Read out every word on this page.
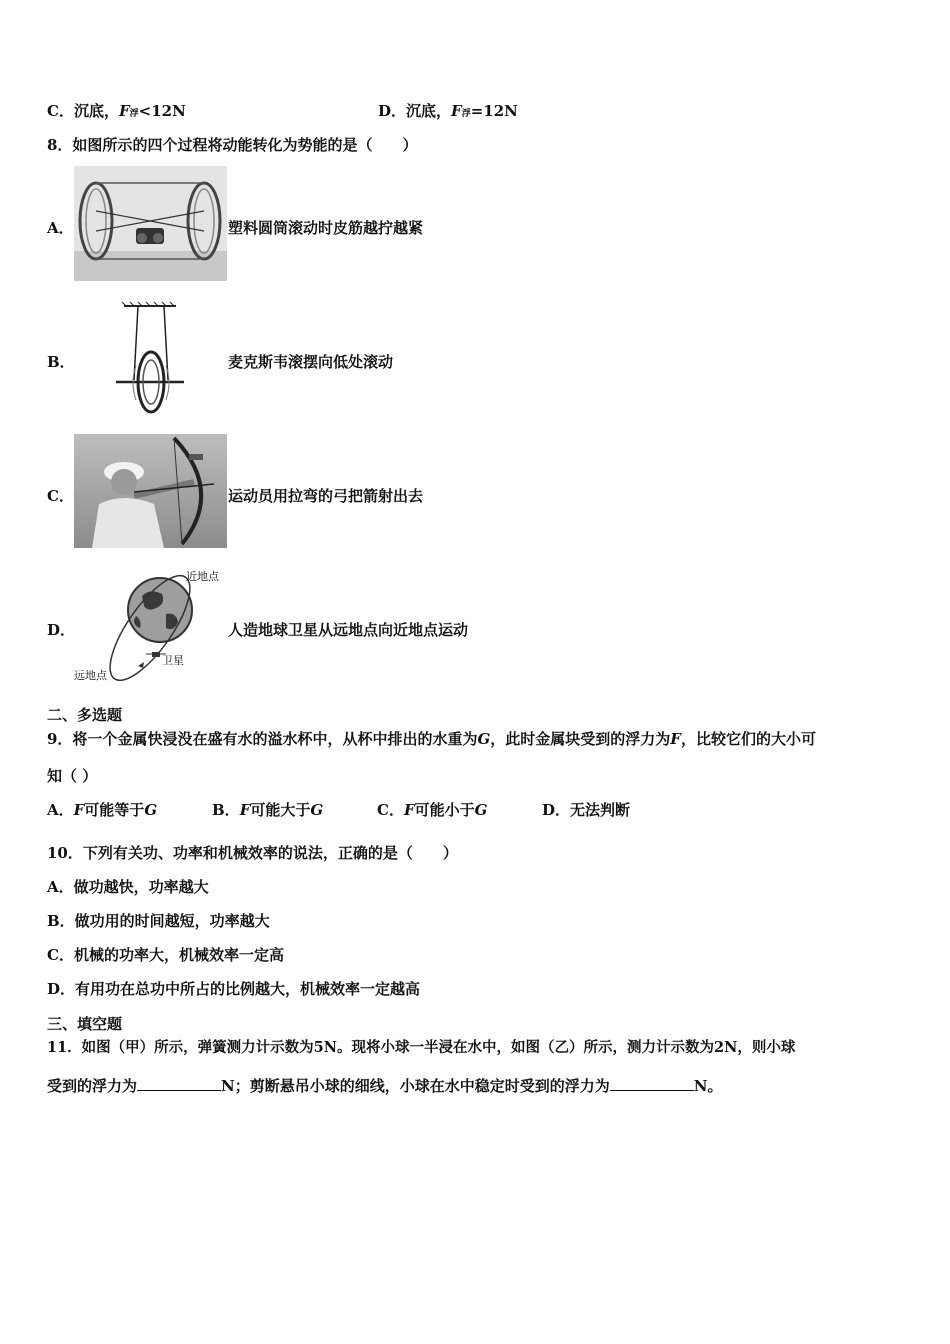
C．沉底，F浮<12N	D．沉底，F浮=12N
8．如图所示的四个过程将动能转化为势能的是（　　）
A．	塑料圆筒滚动时皮筋越拧越紧
B．	麦克斯韦滚摆向低处滚动
C．	运动员用拉弯的弓把箭射出去
D．
近地点
远地点
卫星
人造地球卫星从远地点向近地点运动
二、多选题
9．将一个金属快浸没在盛有水的溢水杯中，从杯中排出的水重为G，此时金属块受到的浮力为F，比较它们的大小可
知（ ）
A．F可能等于G	B．F可能大于G	C．F可能小于G	D．无法判断
10．下列有关功、功率和机械效率的说法，正确的是（　　）
A．做功越快，功率越大
B．做功用的时间越短，功率越大
C．机械的功率大，机械效率一定高
D．有用功在总功中所占的比例越大，机械效率一定越高
三、填空题
11．如图（甲）所示，弹簧测力计示数为5N。现将小球一半浸在水中，如图（乙）所示，测力计示数为2N，则小球
受到的浮力为	N；剪断悬吊小球的细线，小球在水中稳定时受到的浮力为	N。
